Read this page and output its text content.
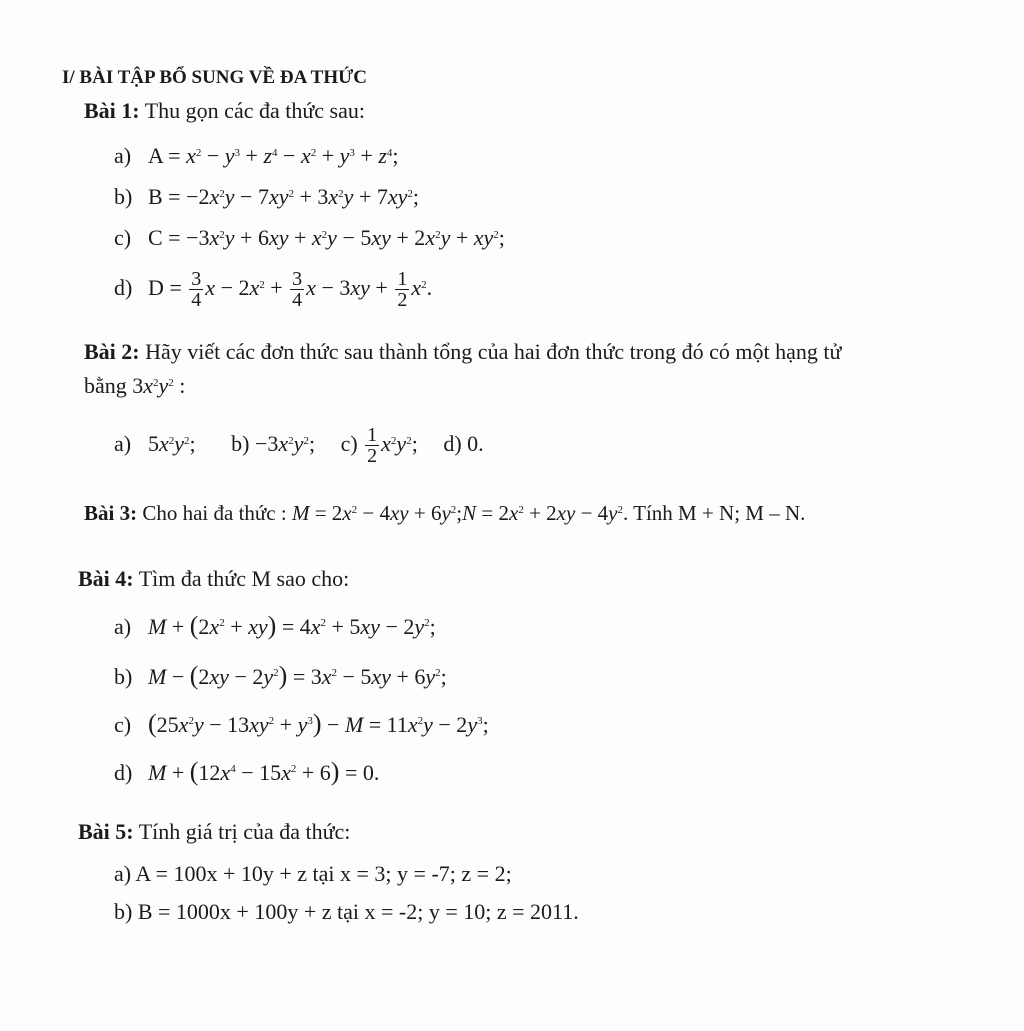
I/ BÀI TẬP BỔ SUNG VỀ ĐA THỨC
Bài 1: Thu gọn các đa thức sau:
a) $A = x^2 - y^3 + z^4 - x^2 + y^3 + z^4$;
b) $B = -2x^2y - 7xy^2 + 3x^2y + 7xy^2$;
c) $C = -3x^2y + 6xy + x^2y - 5xy + 2x^2y + xy^2$;
d) $D = \frac{3}{4}$ $x - 2x^2 + \frac{3}{4}$ $x - 3xy + \frac{1}{2} x^2$.
Bài 2: Hãy viết các đơn thức sau thành tổng của hai đơn thức trong đó có một hạng tử
bằng $3x^2y^2$ :
a) $5x^2y^2$; $b) -3x^2y^2$; $c) \frac{1}{2} x^2y^2$; d) 0.
Bài 3: Cho hai đa thức : $M = 2x^2 - 4xy$ + $6y^2;N = 2x^2 + 2xy - 4y^2$. Tính M + N; M – N.
Bài 4: Tìm đa thức M sao cho:
a) $M + (2x^2 + xy) = 4x^2 + 5xy - 2y^2$;
b) $M - (2xy - 2y^2) = 3x^2 - 5xy + 6y^2$;
c) $(25x^2y - 13xy^2 + y^3) - M = 11x^2y - 2y^3$;
d) $M + (12x^4 - 15x^2 + 6) = 0$.
Bài 5: Tính giá trị của đa thức:
a) A = 100x + 10y + z tại x = 3; y = -7; z = 2;
b) B = 1000x + 100y + z tại x = -2; y = 10; z = 2011.
